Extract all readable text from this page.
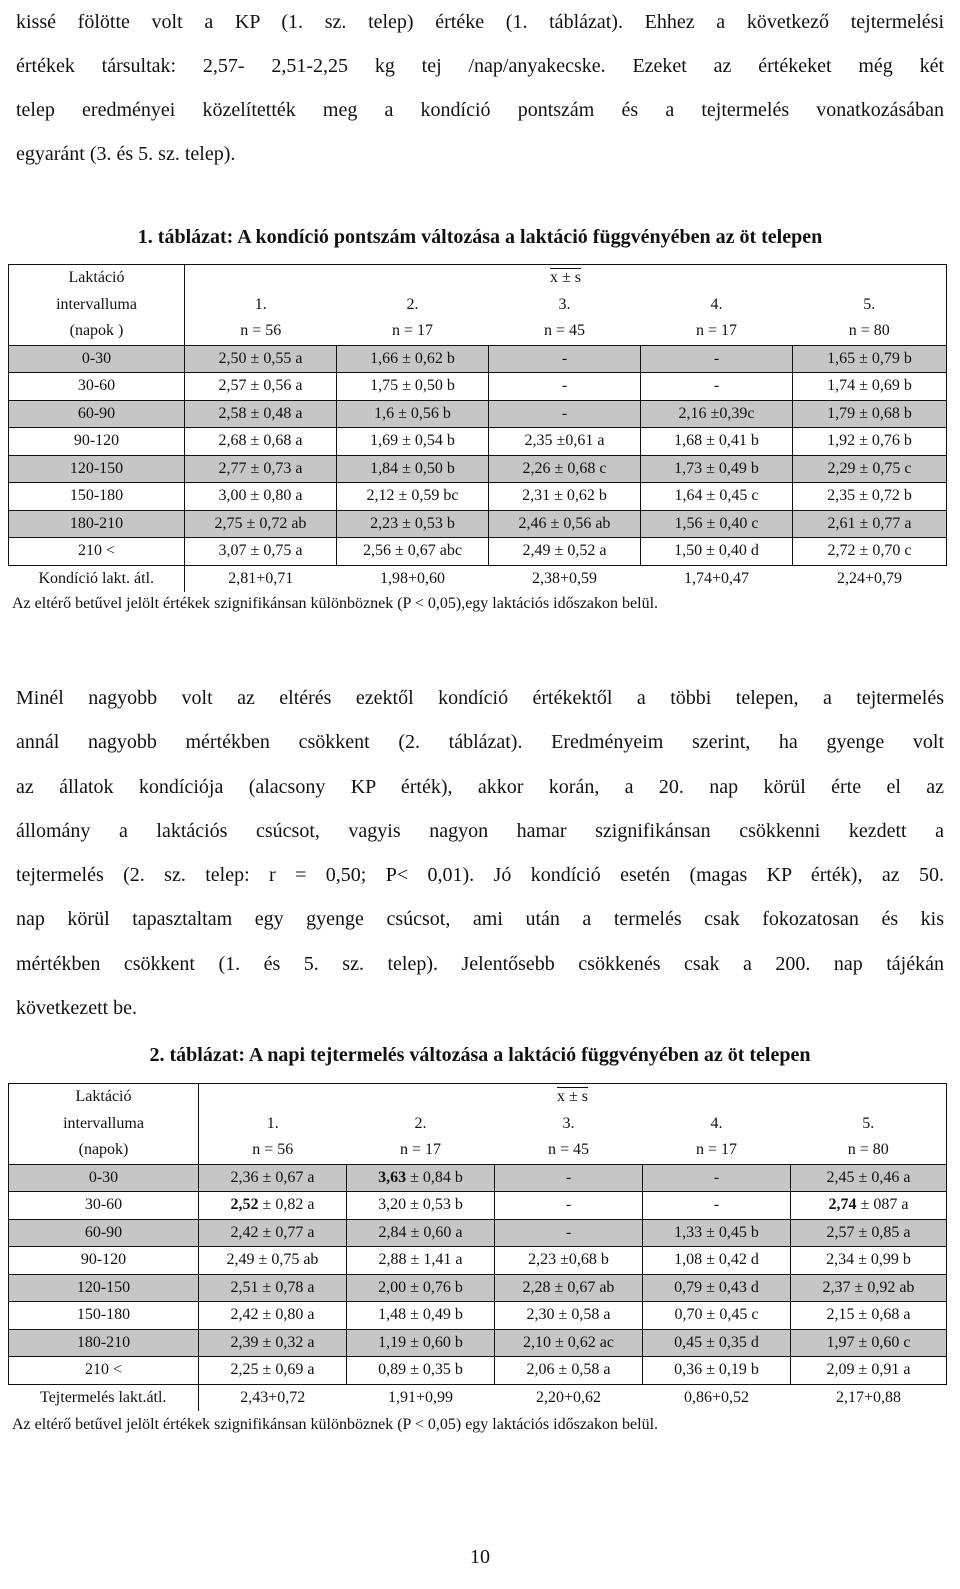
kissé fölötte volt a KP (1. sz. telep) értéke (1. táblázat). Ehhez a következő tejtermelési
értékek társultak: 2,57- 2,51-2,25 kg tej /nap/anyakecske. Ezeket az értékeket még két
telep eredményei közelítették meg a kondíció pontszám és a tejtermelés vonatkozásában
egyaránt (3. és 5. sz. telep).
1. táblázat: A kondíció pontszám változása a laktáció függvényében az öt telepen
Laktáció	x ± s				
intervalluma	1.	2.	3.	4.	5.
(napok )	n = 56	n = 17	n = 45	n = 17	n = 80
0-30	2,50 ± 0,55 a	1,66 ± 0,62 b	-	-	1,65 ± 0,79 b
30-60	2,57 ± 0,56 a	1,75 ± 0,50 b	-	-	1,74 ± 0,69 b
60-90	2,58 ± 0,48 a	1,6 ± 0,56 b	-	2,16 ±0,39c	1,79 ± 0,68 b
90-120	2,68 ± 0,68 a	1,69 ± 0,54 b	2,35 ±0,61 a	1,68 ± 0,41 b	1,92 ± 0,76 b
120-150	2,77 ± 0,73 a	1,84 ± 0,50 b	2,26 ± 0,68 c	1,73 ± 0,49 b	2,29 ± 0,75 c
150-180	3,00 ± 0,80 a	2,12 ± 0,59 bc	2,31 ± 0,62 b	1,64 ± 0,45 c	2,35 ± 0,72 b
180-210	2,75 ± 0,72 ab	2,23 ± 0,53 b	2,46 ± 0,56 ab	1,56 ± 0,40 c	2,61 ± 0,77 a
210 <	3,07 ± 0,75 a	2,56 ± 0,67 abc	2,49 ± 0,52 a	1,50 ± 0,40 d	2,72 ± 0,70 c
Kondíció lakt. átl.	2,81+0,71	1,98+0,60	2,38+0,59	1,74+0,47	2,24+0,79
Az eltérő betűvel jelölt értékek szignifikánsan különböznek (P < 0,05),egy laktációs időszakon belül.
Minél nagyobb volt az eltérés ezektől kondíció értékektől a többi telepen, a tejtermelés
annál nagyobb mértékben csökkent (2. táblázat). Eredményeim szerint, ha gyenge volt
az állatok kondíciója (alacsony KP érték), akkor korán, a 20. nap körül érte el az
állomány a laktációs csúcsot, vagyis nagyon hamar szignifikánsan csökkenni kezdett a
tejtermelés (2. sz. telep: r = 0,50; P< 0,01). Jó kondíció esetén (magas KP érték), az 50.
nap körül tapasztaltam egy gyenge csúcsot, ami után a termelés csak fokozatosan és kis
mértékben csökkent (1. és 5. sz. telep). Jelentősebb csökkenés csak a 200. nap tájékán
következett be.
2. táblázat: A napi tejtermelés változása a laktáció függvényében az öt telepen
Laktáció	x ± s				
intervalluma	1.	2.	3.	4.	5.
(napok)	n = 56	n = 17	n = 45	n = 17	n = 80
0-30	2,36 ± 0,67 a	3,63 ± 0,84 b	-	-	2,45 ± 0,46 a
30-60	2,52 ± 0,82 a	3,20 ± 0,53 b	-	-	2,74 ± 087 a
60-90	2,42 ± 0,77 a	2,84 ± 0,60 a	-	1,33 ± 0,45 b	2,57 ± 0,85 a
90-120	2,49 ± 0,75 ab	2,88 ± 1,41 a	2,23 ±0,68 b	1,08 ± 0,42 d	2,34 ± 0,99 b
120-150	2,51 ± 0,78 a	2,00 ± 0,76 b	2,28 ± 0,67 ab	0,79 ± 0,43 d	2,37 ± 0,92 ab
150-180	2,42 ± 0,80 a	1,48 ± 0,49 b	2,30 ± 0,58 a	0,70 ± 0,45 c	2,15 ± 0,68 a
180-210	2,39 ± 0,32 a	1,19 ± 0,60 b	2,10 ± 0,62 ac	0,45 ± 0,35 d	1,97 ± 0,60 c
210 <	2,25 ± 0,69 a	0,89 ± 0,35 b	2,06 ± 0,58 a	0,36 ± 0,19 b	2,09 ± 0,91 a
Tejtermelés lakt.átl.	2,43+0,72	1,91+0,99	2,20+0,62	0,86+0,52	2,17+0,88
Az eltérő betűvel jelölt értékek szignifikánsan különböznek (P < 0,05) egy laktációs időszakon belül.
10
